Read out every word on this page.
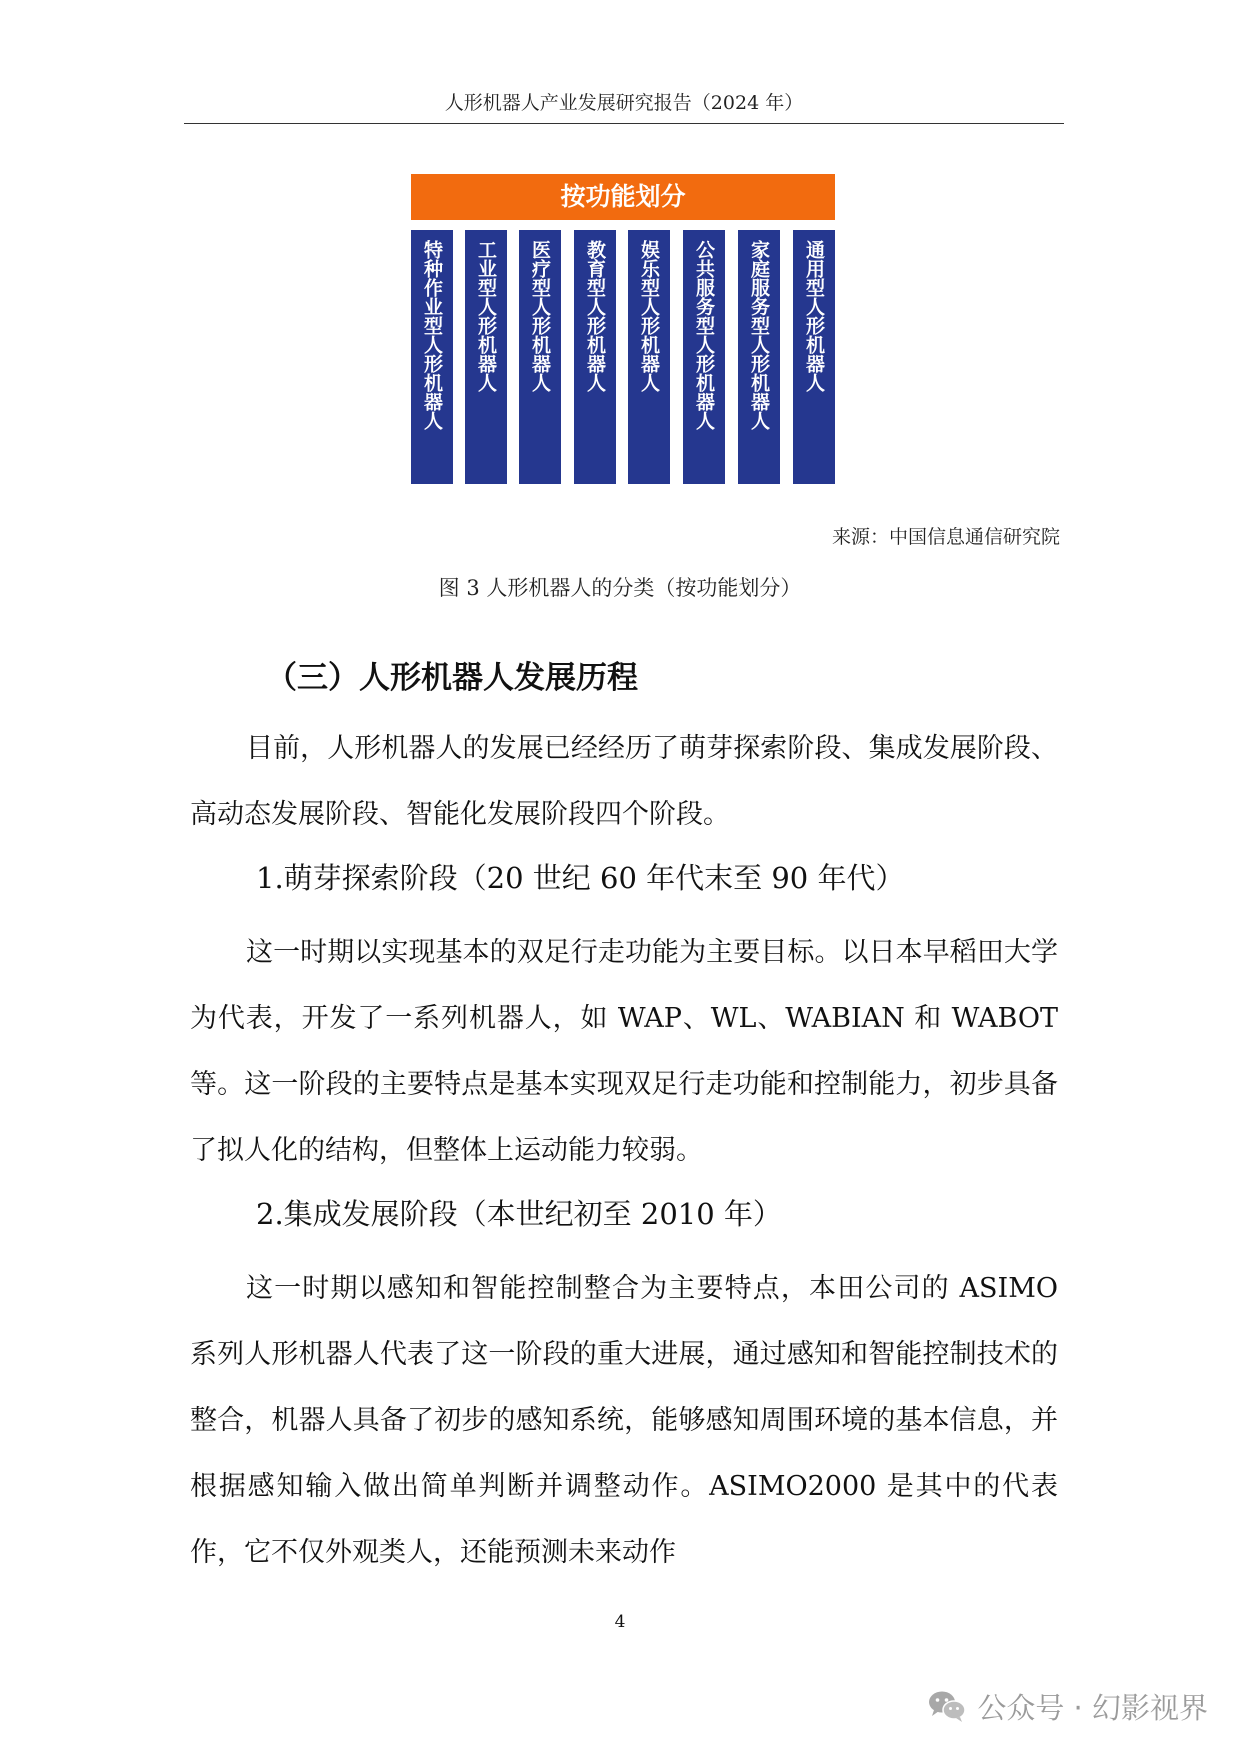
人形机器人产业发展研究报告（2024 年）
按功能划分
特种作业型人形机器人	工业型人形机器人	医疗型人形机器人	教育型人形机器人	娱乐型人形机器人	公共服务型人形机器人	家庭服务型人形机器人	通用型人形机器人
来源：中国信息通信研究院
图 3 人形机器人的分类（按功能划分）
（三）人形机器人发展历程

目前，人形机器人的发展已经经历了萌芽探索阶段、集成发展阶段、高动态发展阶段、智能化发展阶段四个阶段。

1.萌芽探索阶段（20 世纪 60 年代末至 90 年代）

这一时期以实现基本的双足行走功能为主要目标。以日本早稻田大学为代表，开发了一系列机器人，如 WAP、WL、WABIAN 和 WABOT 等。这一阶段的主要特点是基本实现双足行走功能和控制能力，初步具备了拟人化的结构，但整体上运动能力较弱。

2.集成发展阶段（本世纪初至 2010 年）

这一时期以感知和智能控制整合为主要特点，本田公司的 ASIMO 系列人形机器人代表了这一阶段的重大进展，通过感知和智能控制技术的整合，机器人具备了初步的感知系统，能够感知周围环境的基本信息，并根据感知输入做出简单判断并调整动作。ASIMO2000 是其中的代表作，它不仅外观类人，还能预测未来动作

4
公众号 · 幻影视界
